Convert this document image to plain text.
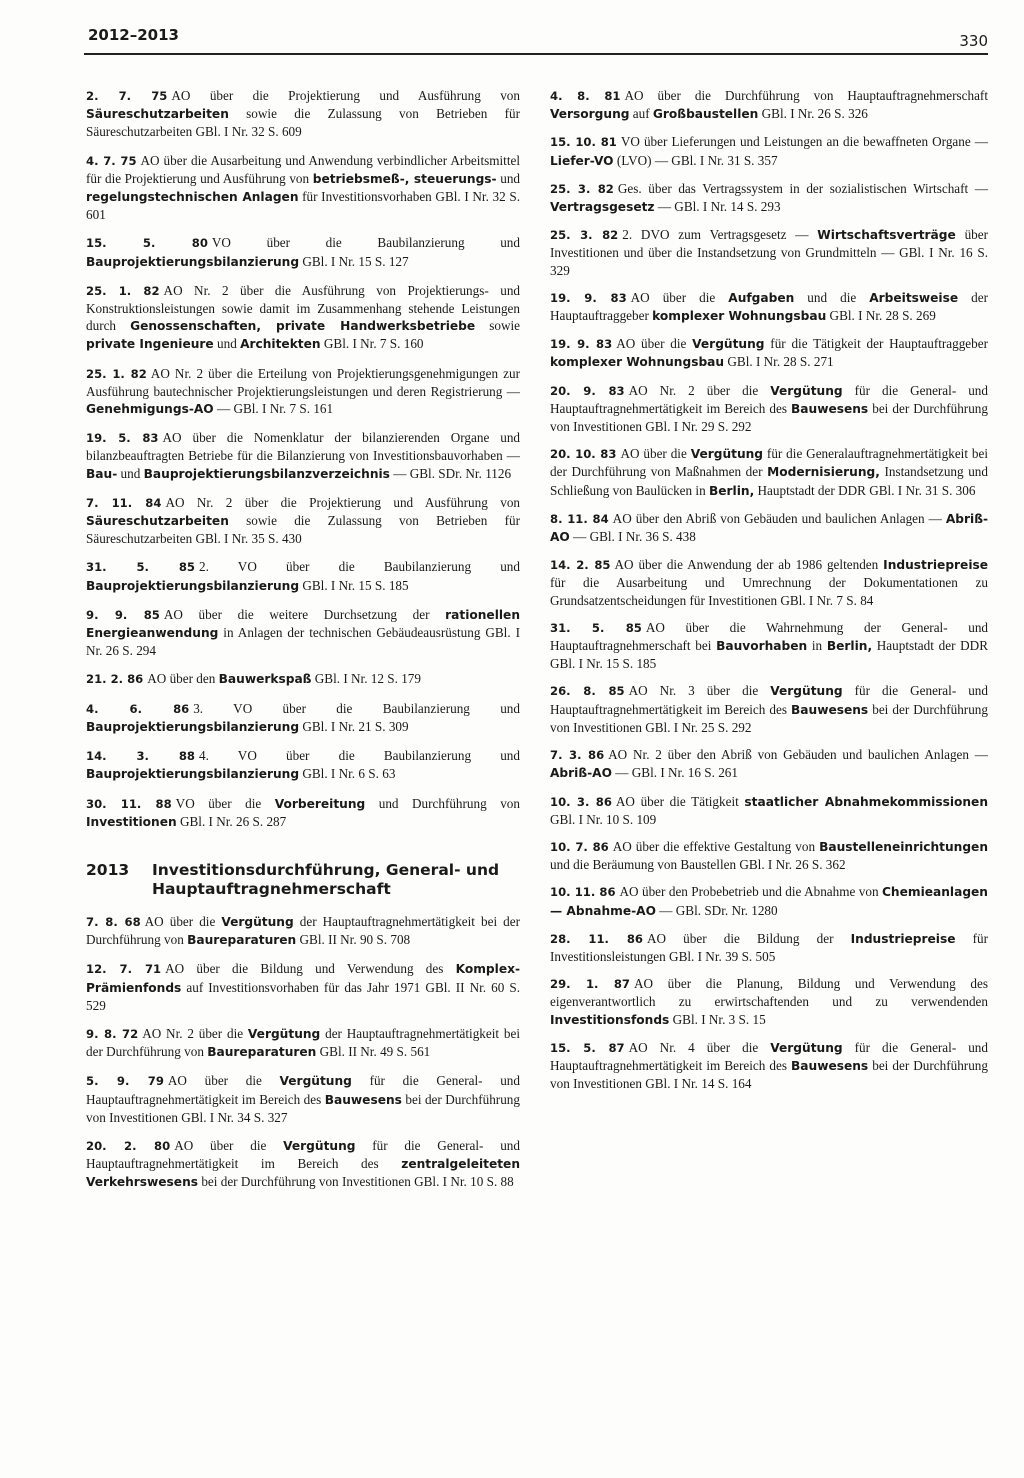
2012–2013	330
2. 7. 75 AO über die Projektierung und Ausführung von Säureschutzarbeiten sowie die Zulassung von Betrieben für Säureschutzarbeiten GBl. I Nr. 32 S. 609
4. 7. 75 AO über die Ausarbeitung und Anwendung verbindlicher Arbeitsmittel für die Projektierung und Ausführung von betriebsmeß-, steuerungs- und regelungstechnischen Anlagen für Investitionsvorhaben GBl. I Nr. 32 S. 601
15. 5. 80 VO über die Baubilanzierung und Bauprojektierungsbilanzierung GBl. I Nr. 15 S. 127
25. 1. 82 AO Nr. 2 über die Ausführung von Projektierungs- und Konstruktionsleistungen sowie damit im Zusammenhang stehende Leistungen durch Genossenschaften, private Handwerksbetriebe sowie private Ingenieure und Architekten GBl. I Nr. 7 S. 160
25. 1. 82 AO Nr. 2 über die Erteilung von Projektierungsgenehmigungen zur Ausführung bautechnischer Projektierungsleistungen und deren Registrierung — Genehmigungs-AO — GBl. I Nr. 7 S. 161
19. 5. 83 AO über die Nomenklatur der bilanzierenden Organe und bilanzbeauftragten Betriebe für die Bilanzierung von Investitionsbauvorhaben — Bau- und Bauprojektierungsbilanzverzeichnis — GBl. SDr. Nr. 1126
7. 11. 84 AO Nr. 2 über die Projektierung und Ausführung von Säureschutzarbeiten sowie die Zulassung von Betrieben für Säureschutzarbeiten GBl. I Nr. 35 S. 430
31. 5. 85 2. VO über die Baubilanzierung und Bauprojektierungsbilanzierung GBl. I Nr. 15 S. 185
9. 9. 85 AO über die weitere Durchsetzung der rationellen Energieanwendung in Anlagen der technischen Gebäudeausrüstung GBl. I Nr. 26 S. 294
21. 2. 86 AO über den Bauwerkspaß GBl. I Nr. 12 S. 179
4. 6. 86 3. VO über die Baubilanzierung und Bauprojektierungsbilanzierung GBl. I Nr. 21 S. 309
14. 3. 88 4. VO über die Baubilanzierung und Bauprojektierungsbilanzierung GBl. I Nr. 6 S. 63
30. 11. 88 VO über die Vorbereitung und Durchführung von Investitionen GBl. I Nr. 26 S. 287
2013	Investitionsdurchführung, General- und Hauptauftragnehmerschaft
7. 8. 68 AO über die Vergütung der Hauptauftragnehmertätigkeit bei der Durchführung von Baureparaturen GBl. II Nr. 90 S. 708
12. 7. 71 AO über die Bildung und Verwendung des Komplex-Prämienfonds auf Investitionsvorhaben für das Jahr 1971 GBl. II Nr. 60 S. 529
9. 8. 72 AO Nr. 2 über die Vergütung der Hauptauftragnehmertätigkeit bei der Durchführung von Baureparaturen GBl. II Nr. 49 S. 561
5. 9. 79 AO über die Vergütung für die General- und Hauptauftragnehmertätigkeit im Bereich des Bauwesens bei der Durchführung von Investitionen GBl. I Nr. 34 S. 327
20. 2. 80 AO über die Vergütung für die General- und Hauptauftragnehmertätigkeit im Bereich des zentralgeleiteten Verkehrswesens bei der Durchführung von Investitionen GBl. I Nr. 10 S. 88
4. 8. 81 AO über die Durchführung von Hauptauftragnehmerschaft Versorgung auf Großbaustellen GBl. I Nr. 26 S. 326
15. 10. 81 VO über Lieferungen und Leistungen an die bewaffneten Organe — Liefer-VO (LVO) — GBl. I Nr. 31 S. 357
25. 3. 82 Ges. über das Vertragssystem in der sozialistischen Wirtschaft — Vertragsgesetz — GBl. I Nr. 14 S. 293
25. 3. 82 2. DVO zum Vertragsgesetz — Wirtschaftsverträge über Investitionen und über die Instandsetzung von Grundmitteln — GBl. I Nr. 16 S. 329
19. 9. 83 AO über die Aufgaben und die Arbeitsweise der Hauptauftraggeber komplexer Wohnungsbau GBl. I Nr. 28 S. 269
19. 9. 83 AO über die Vergütung für die Tätigkeit der Hauptauftraggeber komplexer Wohnungsbau GBl. I Nr. 28 S. 271
20. 9. 83 AO Nr. 2 über die Vergütung für die General- und Hauptauftragnehmertätigkeit im Bereich des Bauwesens bei der Durchführung von Investitionen GBl. I Nr. 29 S. 292
20. 10. 83 AO über die Vergütung für die Generalauftragnehmertätigkeit bei der Durchführung von Maßnahmen der Modernisierung, Instandsetzung und Schließung von Baulücken in Berlin, Hauptstadt der DDR GBl. I Nr. 31 S. 306
8. 11. 84 AO über den Abriß von Gebäuden und baulichen Anlagen — Abriß-AO — GBl. I Nr. 36 S. 438
14. 2. 85 AO über die Anwendung der ab 1986 geltenden Industriepreise für die Ausarbeitung und Umrechnung der Dokumentationen zu Grundsatzentscheidungen für Investitionen GBl. I Nr. 7 S. 84
31. 5. 85 AO über die Wahrnehmung der General- und Hauptauftragnehmerschaft bei Bauvorhaben in Berlin, Hauptstadt der DDR GBl. I Nr. 15 S. 185
26. 8. 85 AO Nr. 3 über die Vergütung für die General- und Hauptauftragnehmertätigkeit im Bereich des Bauwesens bei der Durchführung von Investitionen GBl. I Nr. 25 S. 292
7. 3. 86 AO Nr. 2 über den Abriß von Gebäuden und baulichen Anlagen — Abriß-AO — GBl. I Nr. 16 S. 261
10. 3. 86 AO über die Tätigkeit staatlicher Abnahmekommissionen GBl. I Nr. 10 S. 109
10. 7. 86 AO über die effektive Gestaltung von Baustelleneinrichtungen und die Beräumung von Baustellen GBl. I Nr. 26 S. 362
10. 11. 86 AO über den Probebetrieb und die Abnahme von Chemieanlagen — Abnahme-AO — GBl. SDr. Nr. 1280
28. 11. 86 AO über die Bildung der Industriepreise für Investitionsleistungen GBl. I Nr. 39 S. 505
29. 1. 87 AO über die Planung, Bildung und Verwendung des eigenverantwortlich zu erwirtschaftenden und zu verwendenden Investitionsfonds GBl. I Nr. 3 S. 15
15. 5. 87 AO Nr. 4 über die Vergütung für die General- und Hauptauftragnehmertätigkeit im Bereich des Bauwesens bei der Durchführung von Investitionen GBl. I Nr. 14 S. 164
